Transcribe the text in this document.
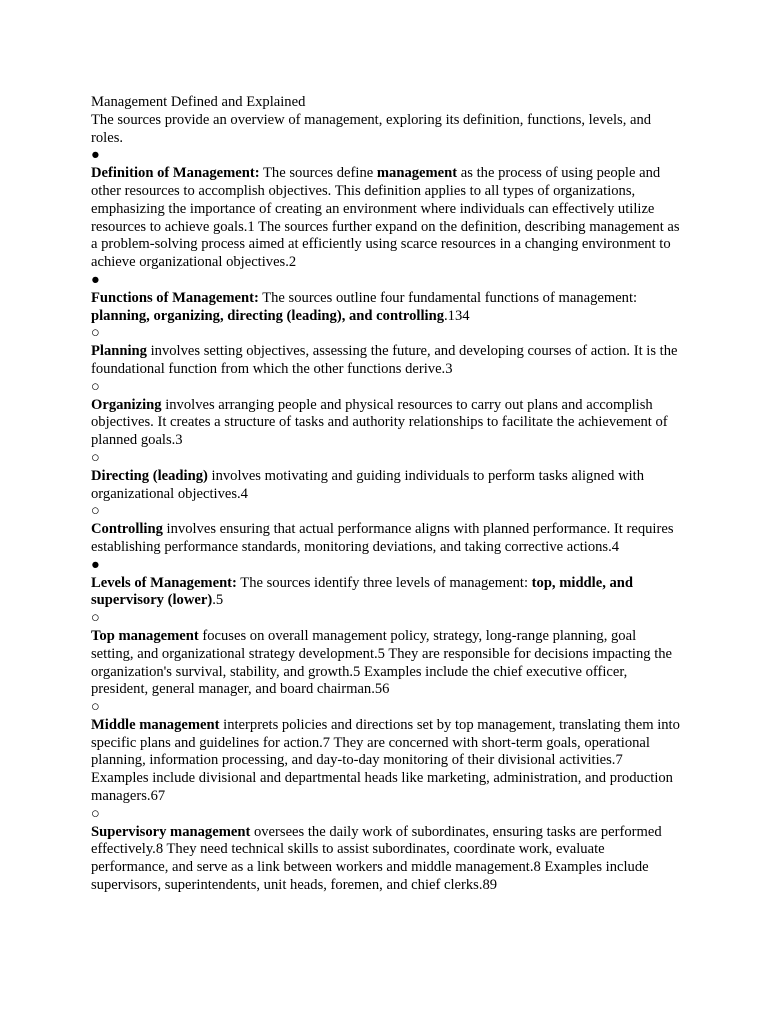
Management Defined and Explained

The sources provide an overview of management, exploring its definition, functions, levels, and roles.

●

Definition of Management: The sources define management as the process of using people and other resources to accomplish objectives. This definition applies to all types of organizations, emphasizing the importance of creating an environment where individuals can effectively utilize resources to achieve goals.1 The sources further expand on the definition, describing management as a problem-solving process aimed at efficiently using scarce resources in a changing environment to achieve organizational objectives.2

●

Functions of Management: The sources outline four fundamental functions of management: planning, organizing, directing (leading), and controlling.134

○

Planning involves setting objectives, assessing the future, and developing courses of action. It is the foundational function from which the other functions derive.3

○

Organizing involves arranging people and physical resources to carry out plans and accomplish objectives. It creates a structure of tasks and authority relationships to facilitate the achievement of planned goals.3

○

Directing (leading) involves motivating and guiding individuals to perform tasks aligned with organizational objectives.4

○

Controlling involves ensuring that actual performance aligns with planned performance. It requires establishing performance standards, monitoring deviations, and taking corrective actions.4

●

Levels of Management: The sources identify three levels of management: top, middle, and supervisory (lower).5

○

Top management focuses on overall management policy, strategy, long-range planning, goal setting, and organizational strategy development.5 They are responsible for decisions impacting the organization's survival, stability, and growth.5 Examples include the chief executive officer, president, general manager, and board chairman.56

○

Middle management interprets policies and directions set by top management, translating them into specific plans and guidelines for action.7 They are concerned with short-term goals, operational planning, information processing, and day-to-day monitoring of their divisional activities.7 Examples include divisional and departmental heads like marketing, administration, and production managers.67

○

Supervisory management oversees the daily work of subordinates, ensuring tasks are performed effectively.8 They need technical skills to assist subordinates, coordinate work, evaluate performance, and serve as a link between workers and middle management.8 Examples include supervisors, superintendents, unit heads, foremen, and chief clerks.89
